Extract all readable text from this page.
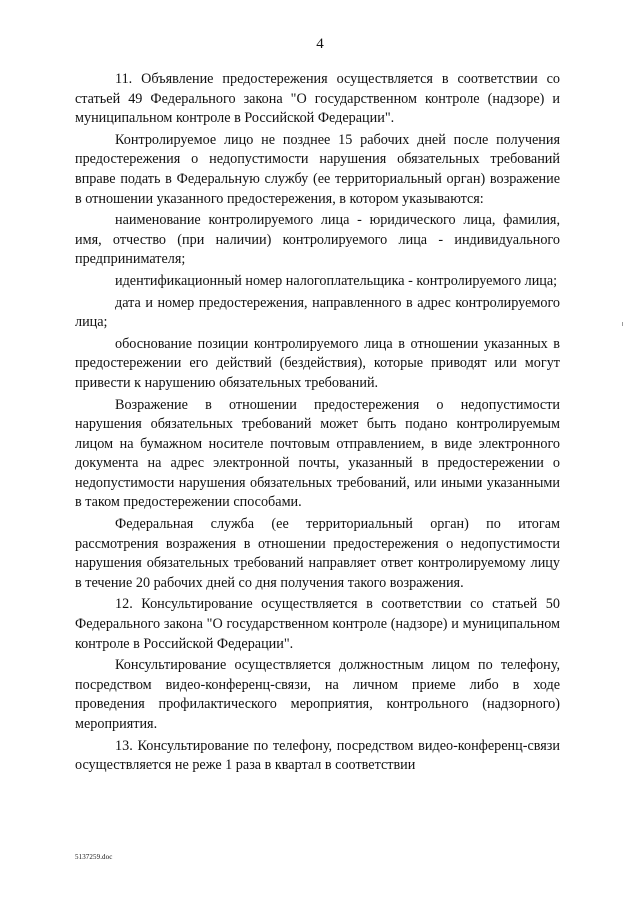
4

11. Объявление предостережения осуществляется в соответствии со статьей 49 Федерального закона "О государственном контроле (надзоре) и муниципальном контроле в Российской Федерации".

Контролируемое лицо не позднее 15 рабочих дней после получения предостережения о недопустимости нарушения обязательных требований вправе подать в Федеральную службу (ее территориальный орган) возражение в отношении указанного предостережения, в котором указываются:

наименование контролируемого лица - юридического лица, фамилия, имя, отчество (при наличии) контролируемого лица - индивидуального предпринимателя;

идентификационный номер налогоплательщика - контролируемого лица;

дата и номер предостережения, направленного в адрес контролируемого лица;

обоснование позиции контролируемого лица в отношении указанных в предостережении его действий (бездействия), которые приводят или могут привести к нарушению обязательных требований.

Возражение в отношении предостережения о недопустимости нарушения обязательных требований может быть подано контролируемым лицом на бумажном носителе почтовым отправлением, в виде электронного документа на адрес электронной почты, указанный в предостережении о недопустимости нарушения обязательных требований, или иными указанными в таком предостережении способами.

Федеральная служба (ее территориальный орган) по итогам рассмотрения возражения в отношении предостережения о недопустимости нарушения обязательных требований направляет ответ контролируемому лицу в течение 20 рабочих дней со дня получения такого возражения.

12. Консультирование осуществляется в соответствии со статьей 50 Федерального закона "О государственном контроле (надзоре) и муниципальном контроле в Российской Федерации".

Консультирование осуществляется должностным лицом по телефону, посредством видео-конференц-связи, на личном приеме либо в ходе проведения профилактического мероприятия, контрольного (надзорного) мероприятия.

13. Консультирование по телефону, посредством видео-конференц-связи осуществляется не реже 1 раза в квартал в соответствии

5137259.doc
